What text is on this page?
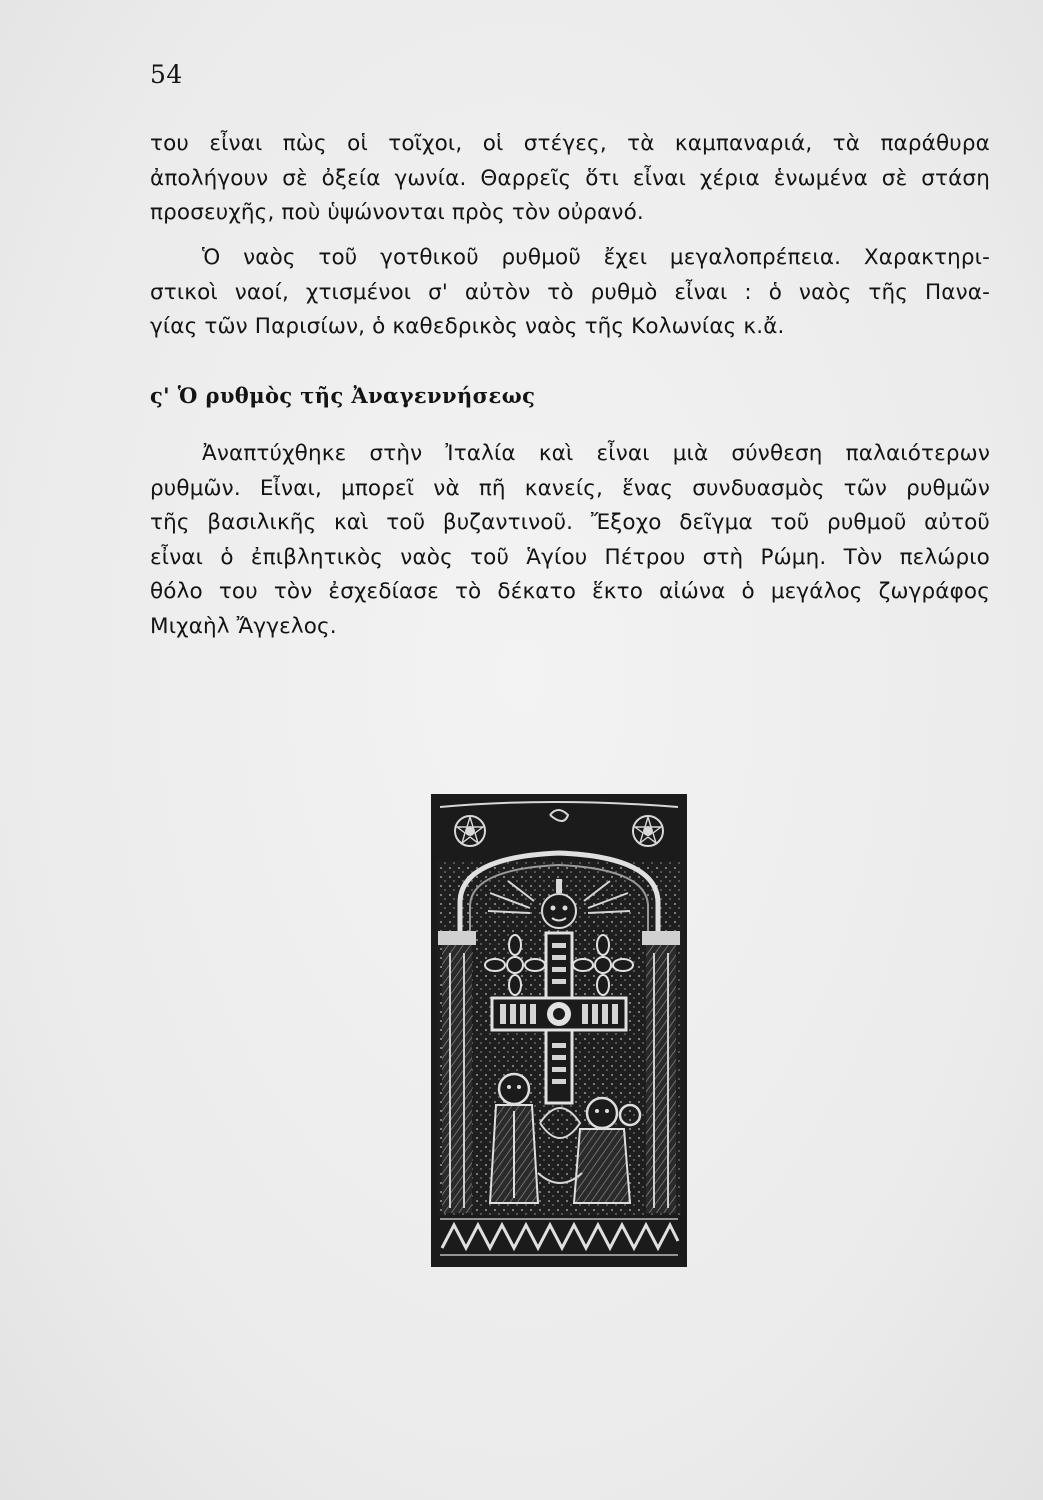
54
του εἶναι πὼς οἱ τοῖχοι, οἱ στέγες, τὰ καμπαναριά, τὰ παράθυρα
ἀπολήγουν σὲ ὀξεία γωνία. Θαρρεῖς ὅτι εἶναι χέρια ἑνωμένα σὲ στάση
προσευχῆς, ποὺ ὑψώνονται πρὸς τὸν οὐρανό.
Ὁ ναὸς τοῦ γοτθικοῦ ρυθμοῦ ἔχει μεγαλοπρέπεια. Χαρακτηρι-
στικοὶ ναοί, χτισμένοι σ' αὐτὸν τὸ ρυθμὸ εἶναι : ὁ ναὸς τῆς Πανα-
γίας τῶν Παρισίων, ὁ καθεδρικὸς ναὸς τῆς Κολωνίας κ.ἄ.
ς' Ὁ ρυθμὸς τῆς Ἀναγεννήσεως
Ἀναπτύχθηκε στὴν Ἰταλία καὶ εἶναι μιὰ σύνθεση παλαιότερων
ρυθμῶν. Εἶναι, μπορεῖ νὰ πῆ κανείς, ἕνας συνδυασμὸς τῶν ρυθμῶν
τῆς βασιλικῆς καὶ τοῦ βυζαντινοῦ. Ἔξοχο δεῖγμα τοῦ ρυθμοῦ αὐτοῦ
εἶναι ὁ ἐπιβλητικὸς ναὸς τοῦ Ἁγίου Πέτρου στὴ Ρώμη. Τὸν πελώριο
θόλο του τὸν ἐσχεδίασε τὸ δέκατο ἕκτο αἰώνα ὁ μεγάλος ζωγράφος
Μιχαὴλ Ἄγγελος.
